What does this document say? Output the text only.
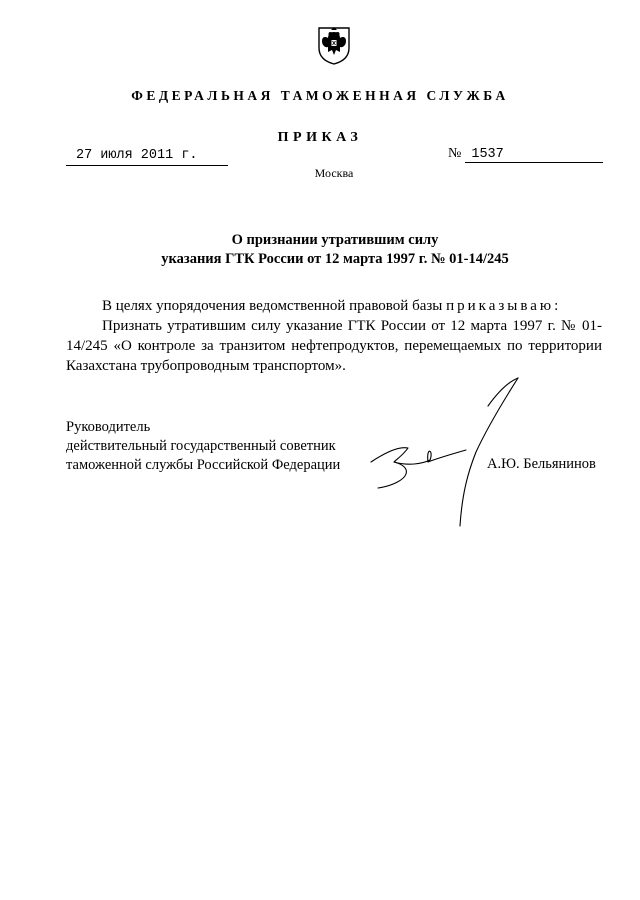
ФЕДЕРАЛЬНАЯ ТАМОЖЕННАЯ СЛУЖБА
ПРИКАЗ
27 июля 2011 г.	№ 1537
Москва
О признании утратившим силу
указания ГТК России от 12 марта 1997 г. № 01-14/245
В целях упорядочения ведомственной правовой базы приказываю:
Признать утратившим силу указание ГТК России от 12 марта 1997 г. № 01-14/245 «О контроле за транзитом нефтепродуктов, перемещаемых по территории Казахстана трубопроводным транспортом».
Руководитель
действительный государственный советник
таможенной службы Российской Федерации	А.Ю. Бельянинов
